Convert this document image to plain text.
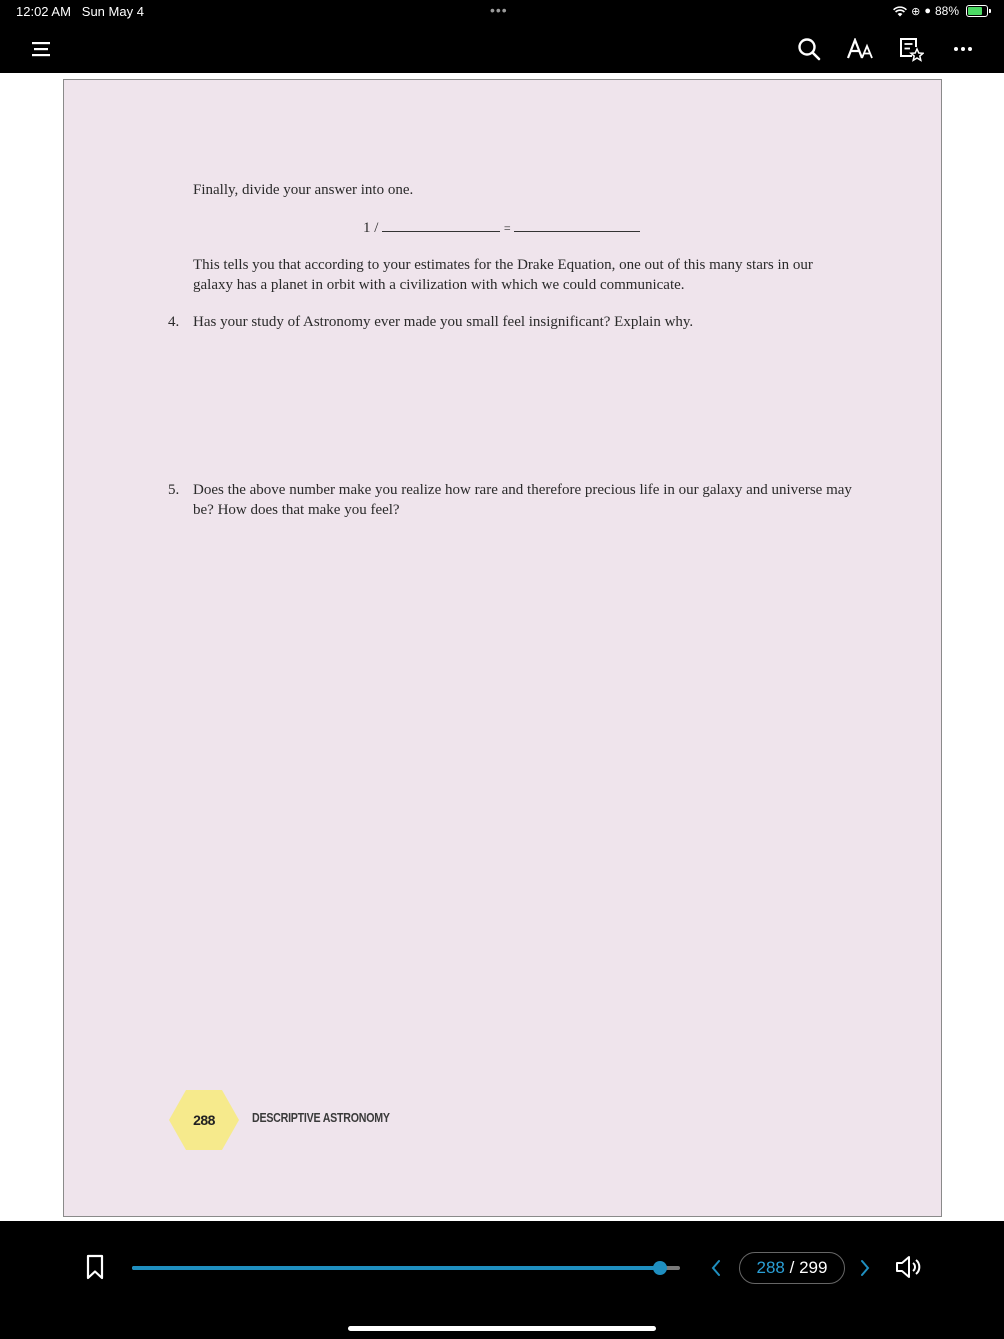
12:02 AM Sun May 4	•••	⊕ ● 88%
Finally, divide your answer into one.
1 /	=
This tells you that according to your estimates for the Drake Equation, one out of this many stars in our galaxy has a planet in orbit with a civilization with which we could communicate.
4. Has your study of Astronomy ever made you small feel insignificant? Explain why.
5. Does the above number make you realize how rare and therefore precious life in our galaxy and universe may be? How does that make you feel?
288	DESCRIPTIVE ASTRONOMY
288
/
299
